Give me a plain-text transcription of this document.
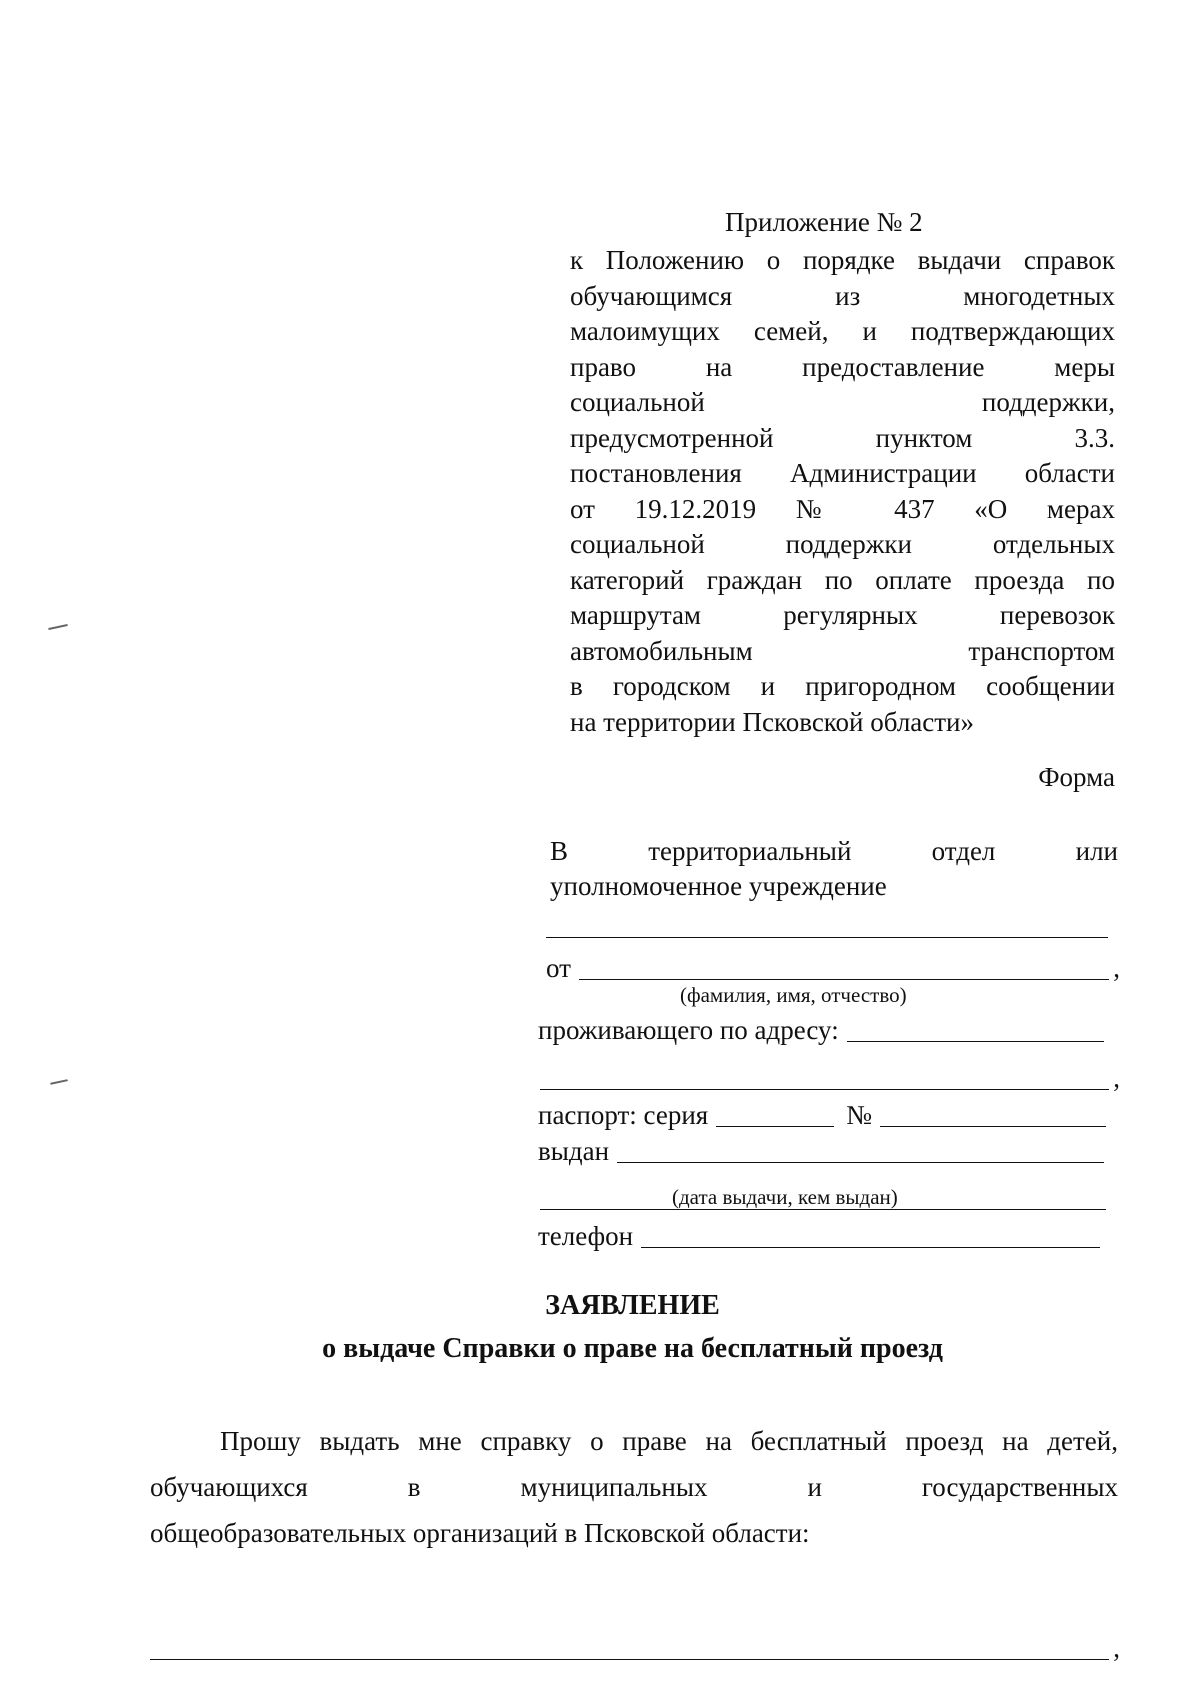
Приложение № 2
к Положению о порядке выдачи справок
обучающимся из многодетных
малоимущих семей, и подтверждающих
право на предоставление меры
социальной поддержки,
предусмотренной пунктом 3.3.
постановления Администрации области
от 19.12.2019 № 437 «О мерах
социальной поддержки отдельных
категорий граждан по оплате проезда по
маршрутам регулярных перевозок
автомобильным транспортом
в городском и пригородном сообщении
на территории Псковской области»
Форма
В территориальный отдел или
уполномоченное учреждение
от	,
(фамилия, имя, отчество)
проживающего по адресу:
,
паспорт: серия	№
выдан
(дата выдачи, кем выдан)
телефон
ЗАЯВЛЕНИЕ
о выдаче Справки о праве на бесплатный проезд
Прошу выдать мне справку о праве на бесплатный проезд на детей,
обучающихся в муниципальных и государственных
общеобразовательных организаций в Псковской области:
,
